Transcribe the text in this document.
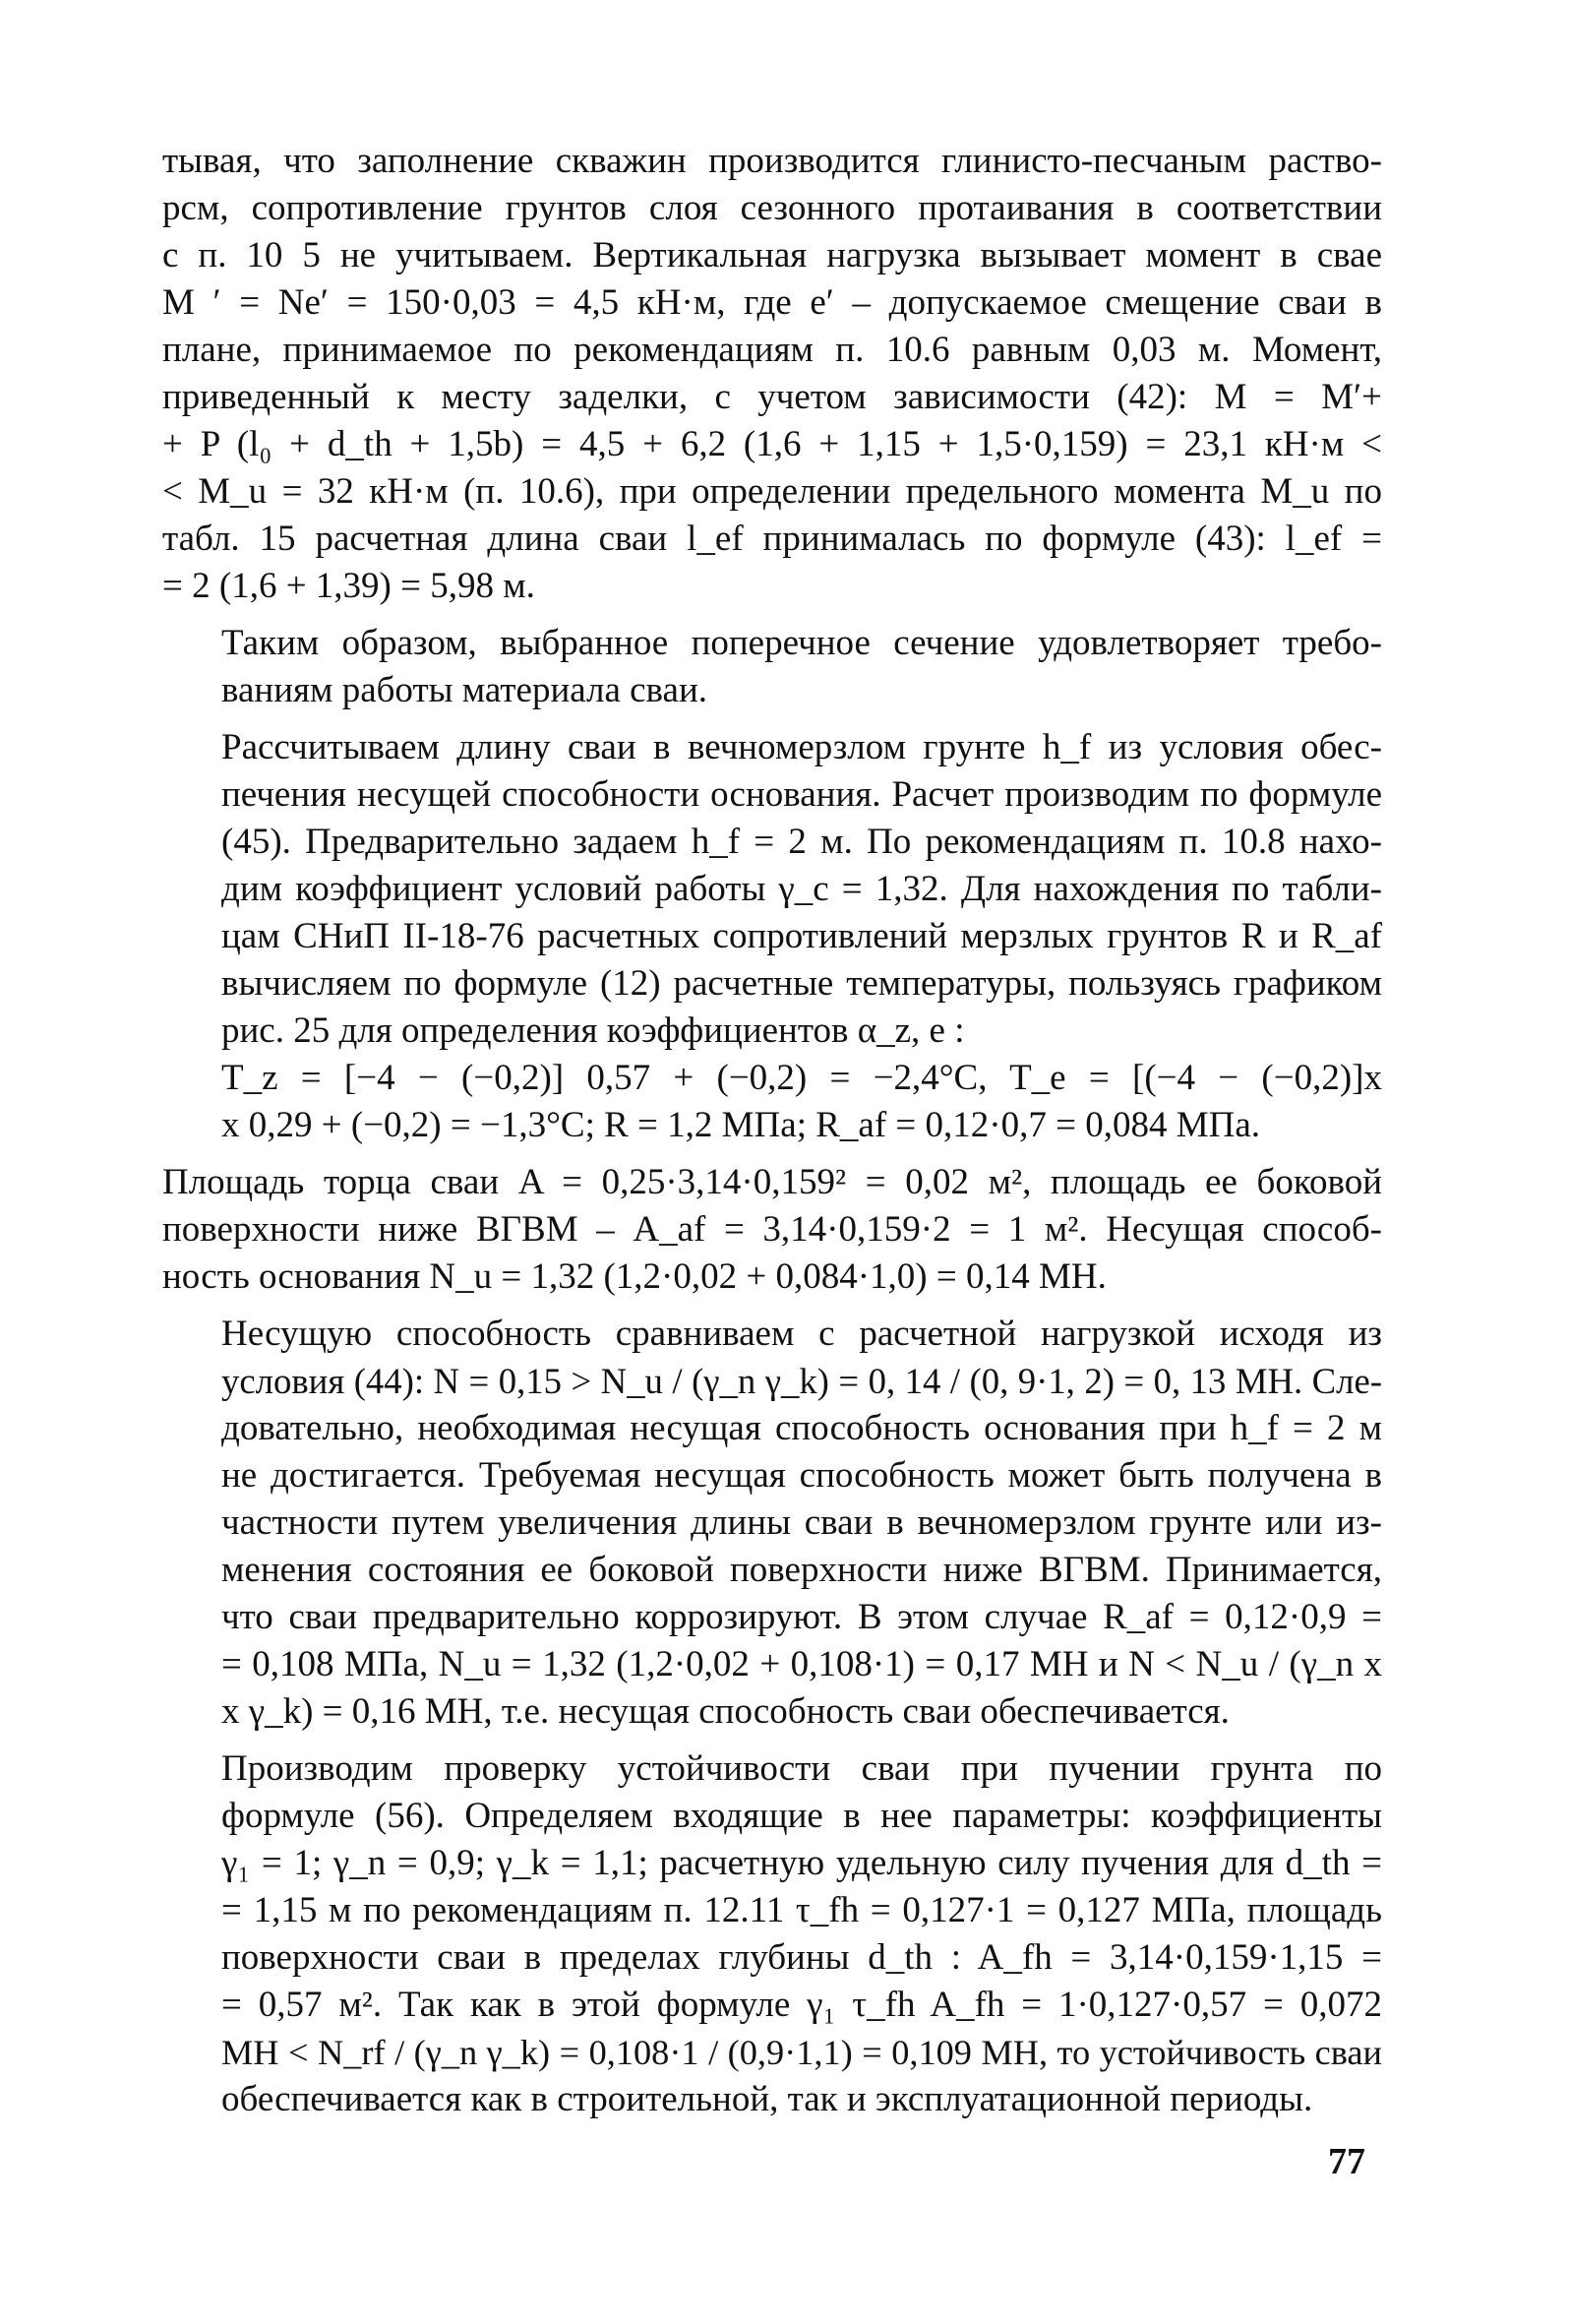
тывая, что заполнение скважин производится глинисто-песчаным раство-
рсм, сопротивление грунтов слоя сезонного протаивания в соответствии
с п. 10 5 не учитываем. Вертикальная нагрузка вызывает момент в свае
M ′ = Ne′ = 150·0,03 = 4,5 кН·м, где e′ – допускаемое смещение сваи в
плане, принимаемое по рекомендациям п. 10.6 равным 0,03 м. Момент,
приведенный к месту заделки, с учетом зависимости (42): M = M′+
+ P (l₀ + d_th + 1,5b) = 4,5 + 6,2 (1,6 + 1,15 + 1,5·0,159) = 23,1 кН·м <
< M_u = 32 кН·м (п. 10.6), при определении предельного момента M_u по
табл. 15 расчетная длина сваи l_ef принималась по формуле (43): l_ef =
= 2 (1,6 + 1,39) = 5,98 м.

Таким образом, выбранное поперечное сечение удовлетворяет требо-
ваниям работы материала сваи.

Рассчитываем длину сваи в вечномерзлом грунте h_f из условия обес-
печения несущей способности основания. Расчет производим по формуле
(45). Предварительно задаем h_f = 2 м. По рекомендациям п. 10.8 нахо-
дим коэффициент условий работы γ_c = 1,32. Для нахождения по табли-
цам СНиП II-18-76 расчетных сопротивлений мерзлых грунтов R и R_af
вычисляем по формуле (12) расчетные температуры, пользуясь графиком
рис. 25 для определения коэффициентов α_z, e :
T_z = [−4 − (−0,2)] 0,57 + (−0,2) = −2,4°C, T_e = [(−4 − (−0,2)]x
x 0,29 + (−0,2) = −1,3°C; R = 1,2 МПа; R_af = 0,12·0,7 = 0,084 МПа.

Площадь торца сваи A = 0,25·3,14·0,159² = 0,02 м², площадь ее боковой
поверхности ниже ВГВМ – A_af = 3,14·0,159·2 = 1 м². Несущая способ-
ность основания N_u = 1,32 (1,2·0,02 + 0,084·1,0) = 0,14 МН.

Несущую способность сравниваем с расчетной нагрузкой исходя из
условия (44): N = 0,15 > N_u / (γ_n γ_k) = 0, 14 / (0, 9·1, 2) = 0, 13 МН. Сле-
довательно, необходимая несущая способность основания при h_f = 2 м
не достигается. Требуемая несущая способность может быть получена в
частности путем увеличения длины сваи в вечномерзлом грунте или из-
менения состояния ее боковой поверхности ниже ВГВМ. Принимается,
что сваи предварительно коррозируют. В этом случае R_af = 0,12·0,9 =
= 0,108 МПа, N_u = 1,32 (1,2·0,02 + 0,108·1) = 0,17 МН и N < N_u / (γ_n x
x γ_k) = 0,16 МН, т.е. несущая способность сваи обеспечивается.

Производим проверку устойчивости сваи при пучении грунта по
формуле (56). Определяем входящие в нее параметры: коэффициенты
γ₁ = 1; γ_n = 0,9; γ_k = 1,1; расчетную удельную силу пучения для d_th =
= 1,15 м по рекомендациям п. 12.11 τ_fh = 0,127·1 = 0,127 МПа, площадь
поверхности сваи в пределах глубины d_th : A_fh = 3,14·0,159·1,15 =
= 0,57 м². Так как в этой формуле γ₁ τ_fh A_fh = 1·0,127·0,57 = 0,072
МН < N_rf / (γ_n γ_k) = 0,108·1 / (0,9·1,1) = 0,109 МН, то устойчивость сваи
обеспечивается как в строительной, так и эксплуатационной периоды.

77
